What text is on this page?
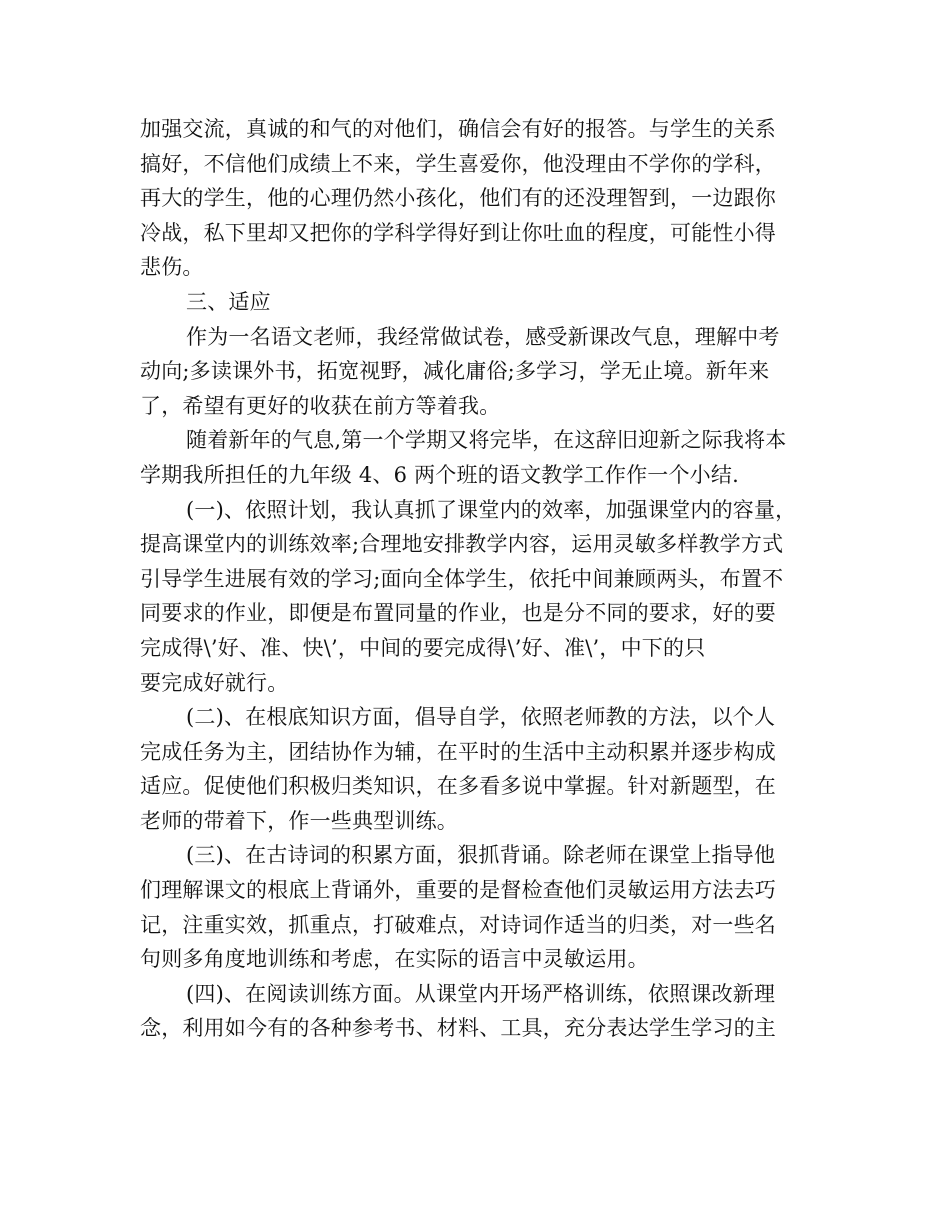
加强交流，真诚的和气的对他们，确信会有好的报答。与学生的关系
搞好，不信他们成绩上不来，学生喜爱你，他没理由不学你的学科，
再大的学生，他的心理仍然小孩化，他们有的还没理智到，一边跟你
冷战，私下里却又把你的学科学得好到让你吐血的程度，可能性小得
悲伤。
三、适应
作为一名语文老师，我经常做试卷，感受新课改气息，理解中考
动向;多读课外书，拓宽视野，减化庸俗;多学习，学无止境。新年来
了，希望有更好的收获在前方等着我。
随着新年的气息,第一个学期又将完毕，在这辞旧迎新之际我将本
学期我所担任的九年级 4、6 两个班的语文教学工作作一个小结.
(一)、依照计划，我认真抓了课堂内的效率，加强课堂内的容量，
提高课堂内的训练效率;合理地安排教学内容，运用灵敏多样教学方式
引导学生进展有效的学习;面向全体学生，依托中间兼顾两头，布置不
同要求的作业，即便是布置同量的作业，也是分不同的要求，好的要
完成得\’好、准、快\’，中间的要完成得\’好、准\’，中下的只
要完成好就行。
(二)、在根底知识方面，倡导自学，依照老师教的方法，以个人
完成任务为主，团结协作为辅，在平时的生活中主动积累并逐步构成
适应。促使他们积极归类知识，在多看多说中掌握。针对新题型，在
老师的带着下，作一些典型训练。
(三)、在古诗词的积累方面，狠抓背诵。除老师在课堂上指导他
们理解课文的根底上背诵外，重要的是督检查他们灵敏运用方法去巧
记，注重实效，抓重点，打破难点，对诗词作适当的归类，对一些名
句则多角度地训练和考虑，在实际的语言中灵敏运用。
(四)、在阅读训练方面。从课堂内开场严格训练，依照课改新理
念，利用如今有的各种参考书、材料、工具，充分表达学生学习的主
